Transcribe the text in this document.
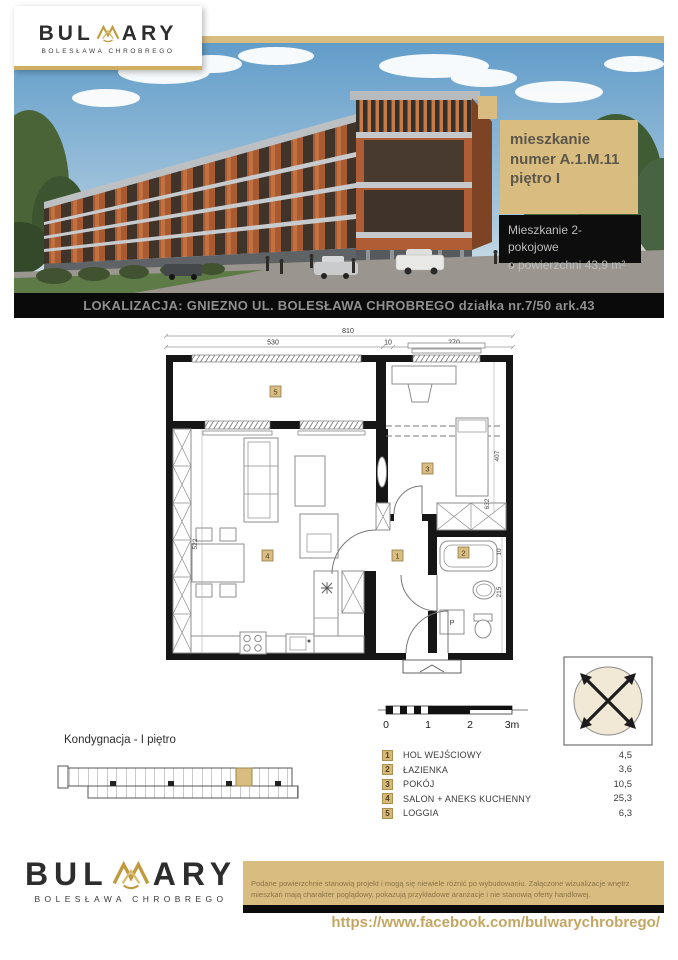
BUL ARY
BOLESŁAWA CHROBREGO
mieszkanie
numer A.1.M.11
piętro I
Mieszkanie 2-pokojowe
o powierzchni 43,9 m²
LOKALIZACJA: GNIEZNO UL. BOLESŁAWA CHROBREGO działka nr.7/50 ark.43
810
530	10
522
407
632
10
215
P
5
3
4	1	2
0	1	2	3m
Kondygnacja - I piętro
1	HOL WEJŚCIOWY	4,5
2	ŁAZIENKA	3,6
3	POKÓJ	10,5
4	SALON + ANEKS KUCHENNY	25,3
5	LOGGIA	6,3
BUL ARY
BOLESŁAWA CHROBREGO
Podane powierzchnie stanowią projekt i mogą się niewiele różnić po wybudowaniu. Załączone wizualizacje wnętrz mieszkań mają charakter poglądowy, pokazują przykładowe aranżacje i nie stanowią oferty handlowej.
https://www.facebook.com/bulwarychrobrego/
